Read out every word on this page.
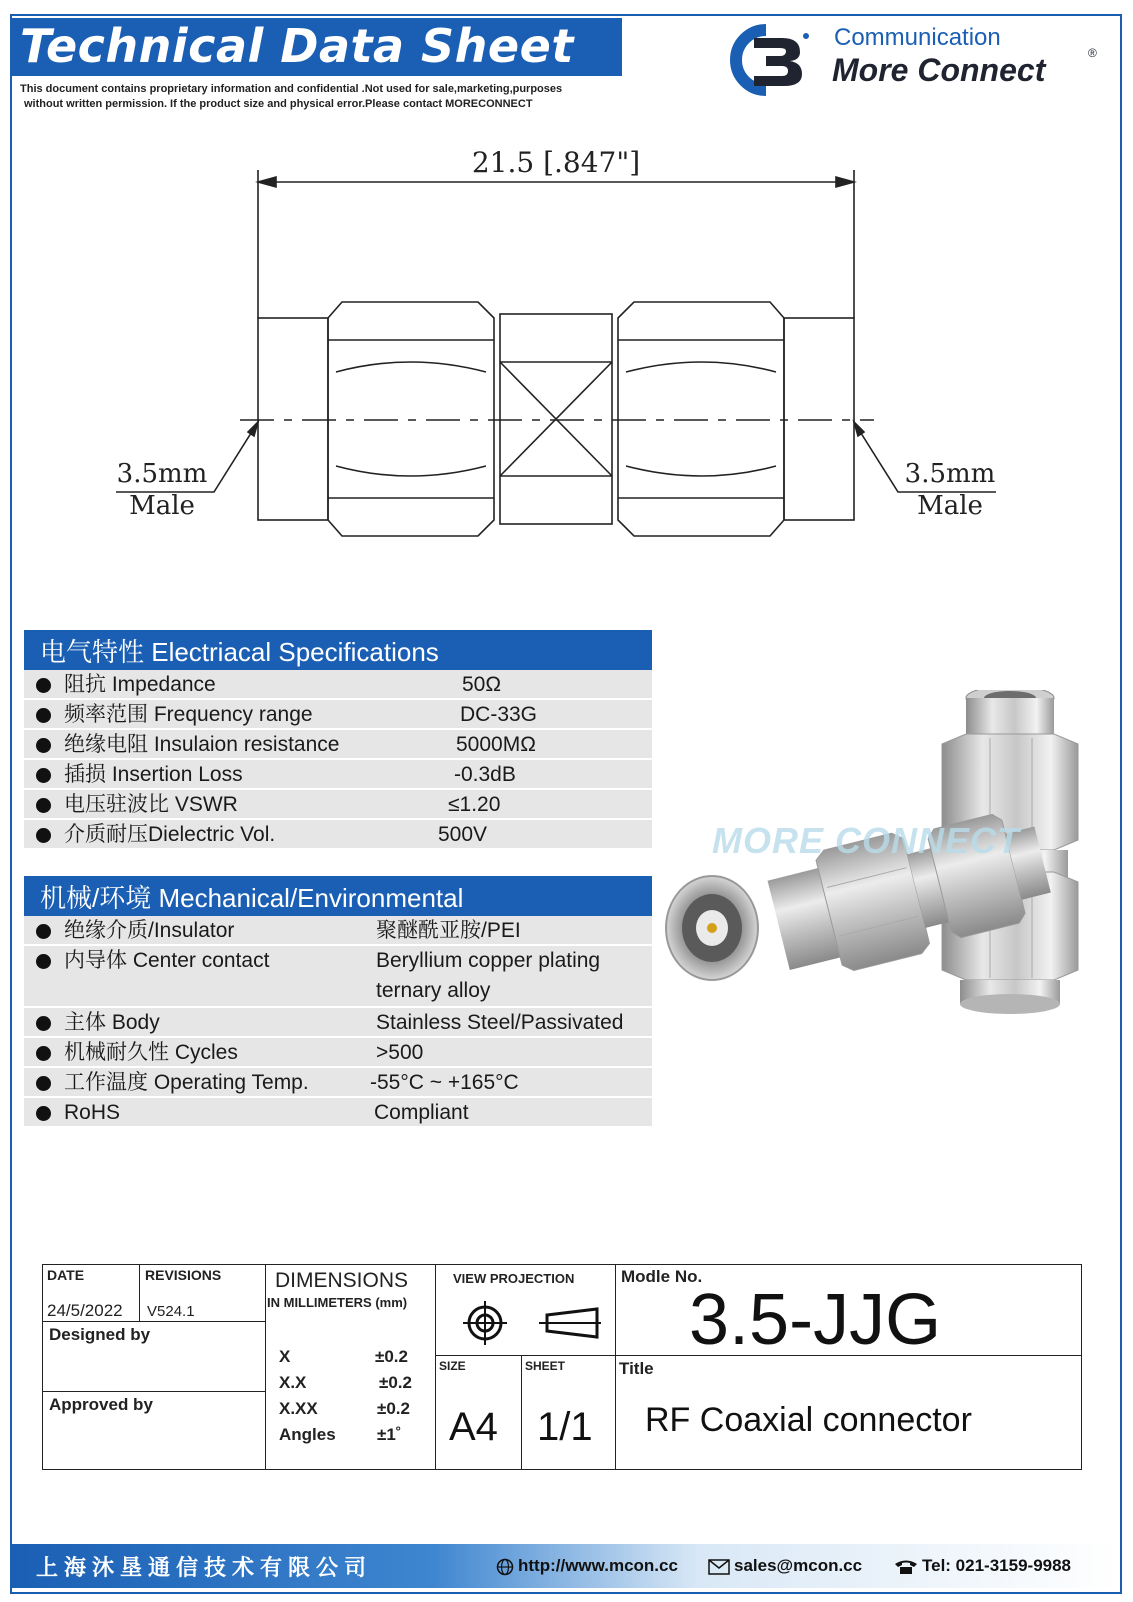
Technical Data Sheet
This document contains proprietary information and confidential .Not used for sale,marketing,purposes
without written permission. If the product size and physical error.Please contact MORECONNECT
Communication
More Connect	®
21.5 [.847"]
3.5mm
Male
3.5mm
Male
电气特性 Electriacal Specifications
阻抗 Impedance	50Ω
频率范围 Frequency range	DC-33G
绝缘电阻 Insulaion resistance	5000MΩ
插损 Insertion Loss	-0.3dB
电压驻波比 VSWR	≤1.20
介质耐压Dielectric Vol.	500V
机械/环境 Mechanical/Environmental
绝缘介质/Insulator	聚醚酰亚胺/PEI
内导体 Center contact	Beryllium copper plating
ternary alloy
主体 Body	Stainless Steel/Passivated
机械耐久性 Cycles	>500
工作温度 Operating Temp.	-55°C ~ +165°C
RoHS	Compliant
MORE CONNECT
DATE
24/5/2022
REVISIONS
V524.1
Designed by
Approved by
DIMENSIONS
IN MILLIMETERS (mm)
X	±0.2
X.X	±0.2
X.XX	±0.2
Angles ±1˚
VIEW PROJECTION
SIZE
A4
SHEET
1/1
Modle No.
3.5-JJG
Title
RF Coaxial connector
上海沐垦通信技术有限公司	http://www.mcon.cc	sales@mcon.cc	Tel: 021-3159-9988
